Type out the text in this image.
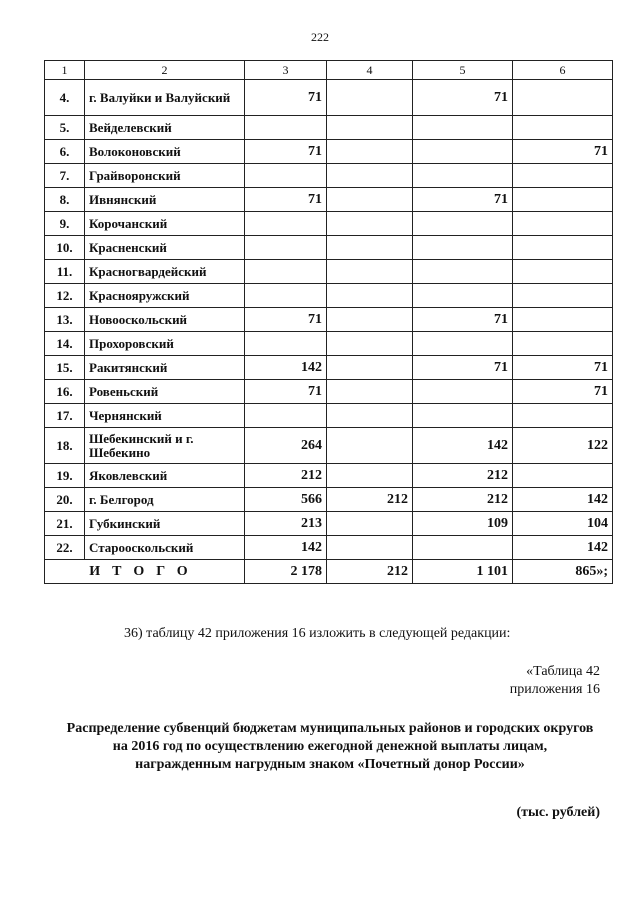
222
1	2	3	4	5	6
4.	г. Валуйки и Валуйский	71		71	
5.	Вейделевский				
6.	Волоконовский	71			71
7.	Грайворонский				
8.	Ивнянский	71		71	
9.	Корочанский				
10.	Красненский				
11.	Красногвардейский				
12.	Краснояружский				
13.	Новооскольский	71		71	
14.	Прохоровский				
15.	Ракитянский	142		71	71
16.	Ровеньский	71			71
17.	Чернянский				
18.	Шебекинский и г. Шебекино	264		142	122
19.	Яковлевский	212		212	
20.	г. Белгород	566	212	212	142
21.	Губкинский	213		109	104
22.	Старооскольский	142			142
ИТОГО		2 178	212	1 101	865»;
36) таблицу 42 приложения 16 изложить в следующей редакции:
«Таблица 42
приложения 16
Распределение субвенций бюджетам муниципальных районов и городских округов на 2016 год по осуществлению ежегодной денежной выплаты лицам, награжденным нагрудным знаком «Почетный донор России»
(тыс. рублей)
